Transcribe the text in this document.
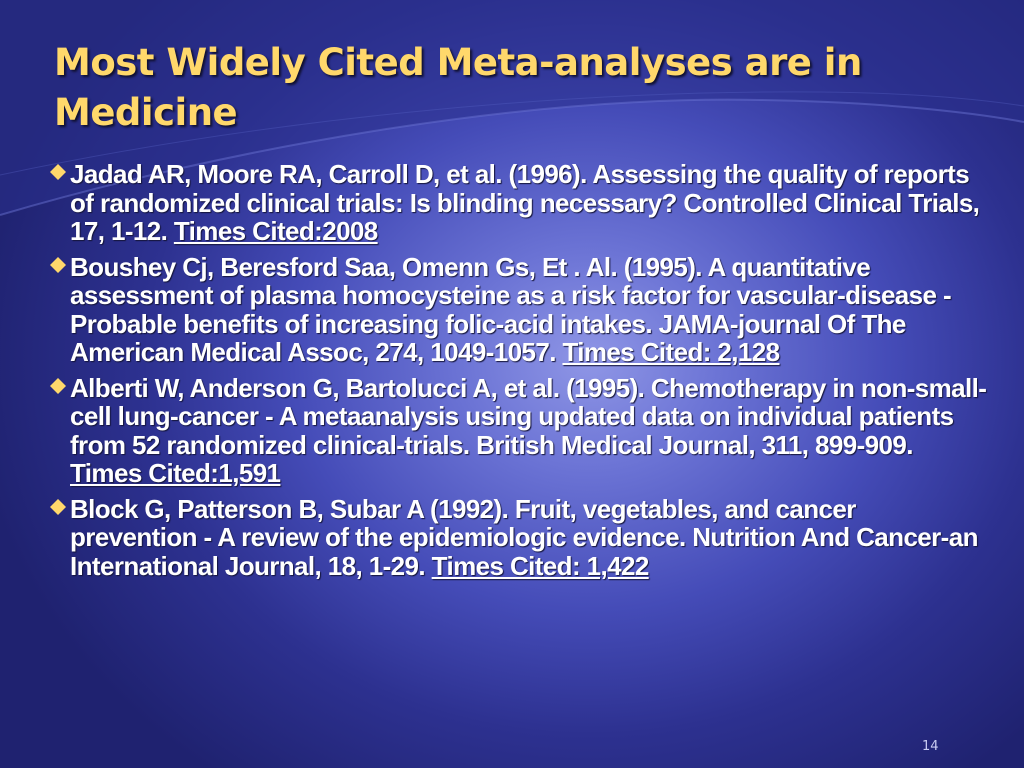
Most Widely Cited Meta-analyses are in Medicine
Jadad AR, Moore RA, Carroll D, et al. (1996). Assessing the quality of reports of randomized clinical trials: Is blinding necessary? Controlled Clinical Trials, 17, 1-12. Times Cited:2008
Boushey Cj, Beresford Saa, Omenn Gs, Et . Al. (1995). A quantitative assessment of plasma homocysteine as a risk factor for vascular-disease - Probable benefits of increasing folic-acid intakes. JAMA-journal Of The American Medical Assoc, 274, 1049-1057. Times Cited: 2,128
Alberti W, Anderson G, Bartolucci A, et al. (1995). Chemotherapy in non-small-cell lung-cancer - A metaanalysis using updated data on individual patients from 52 randomized clinical-trials. British Medical Journal, 311, 899-909. Times Cited:1,591
Block G, Patterson B, Subar A (1992). Fruit, vegetables, and cancer prevention - A review of the epidemiologic evidence. Nutrition And Cancer-an International Journal, 18, 1-29. Times Cited: 1,422
14
